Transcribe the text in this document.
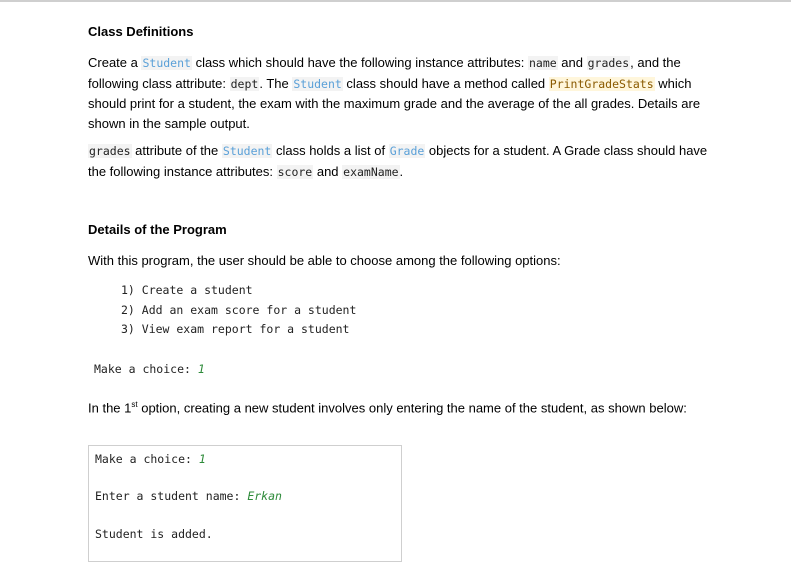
Class Definitions
Create a Student class which should have the following instance attributes: name and grades, and the following class attribute: dept. The Student class should have a method called PrintGradeStats which should print for a student, the exam with the maximum grade and the average of the all grades. Details are shown in the sample output.
grades attribute of the Student class holds a list of Grade objects for a student. A Grade class should have the following instance attributes: score and examName.
Details of the Program
With this program, the user should be able to choose among the following options:
1) Create a student
2) Add an exam score for a student
3) View exam report for a student
Make a choice: 1
In the 1st option, creating a new student involves only entering the name of the student, as shown below:
Make a choice: 1
Enter a student name: Erkan
Student is added.
